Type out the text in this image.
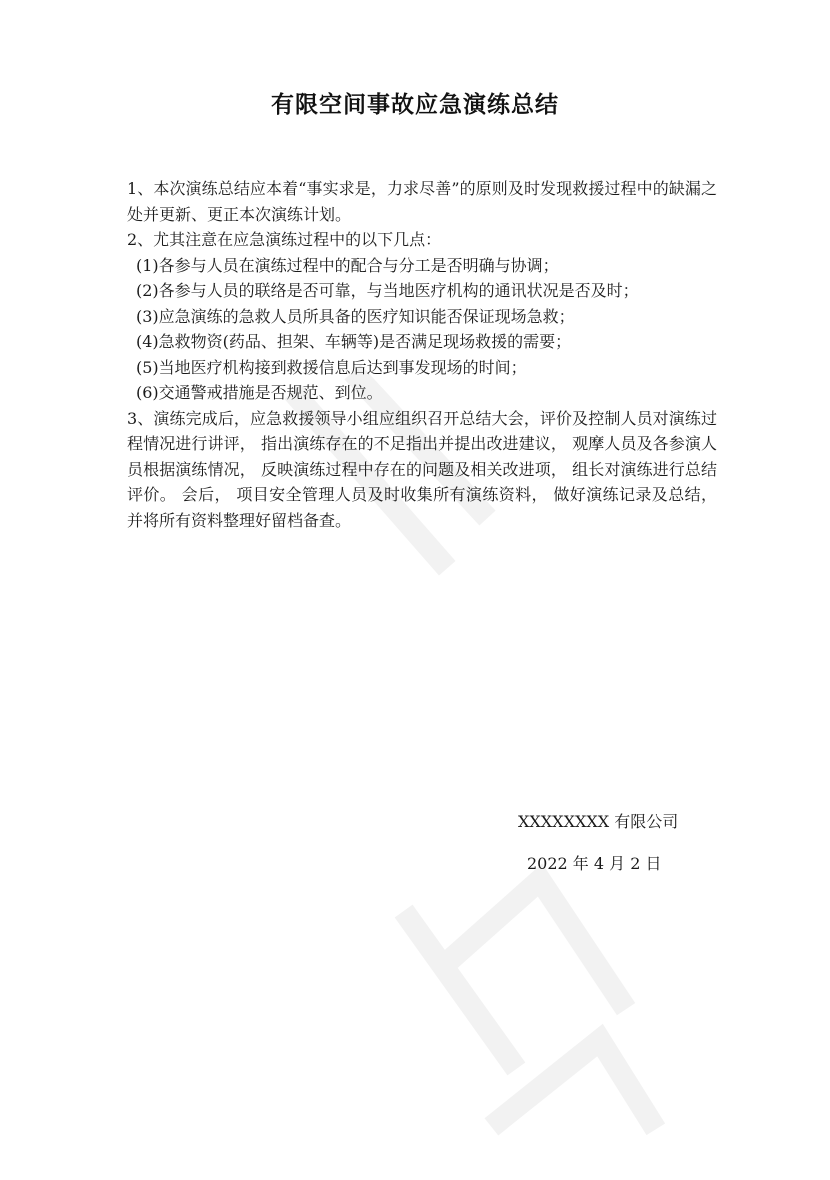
有限空间事故应急演练总结

1、本次演练总结应本着“事实求是，力求尽善”的原则及时发现救援过程中的缺漏之处并更新、更正本次演练计划。

2、尤其注意在应急演练过程中的以下几点：

(1)各参与人员在演练过程中的配合与分工是否明确与协调；

(2)各参与人员的联络是否可靠，与当地医疗机构的通讯状况是否及时；

(3)应急演练的急救人员所具备的医疗知识能否保证现场急救；

(4)急救物资(药品、担架、车辆等)是否满足现场救援的需要；

(5)当地医疗机构接到救援信息后达到事发现场的时间；

(6)交通警戒措施是否规范、到位。

3、演练完成后，应急救援领导小组应组织召开总结大会，评价及控制人员对演练过程情况进行讲评， 指出演练存在的不足指出并提出改进建议， 观摩人员及各参演人员根据演练情况， 反映演练过程中存在的问题及相关改进项， 组长对演练进行总结评价。 会后， 项目安全管理人员及时收集所有演练资料， 做好演练记录及总结，并将所有资料整理好留档备查。

XXXXXXXX 有限公司
2022 年 4 月 2 日
